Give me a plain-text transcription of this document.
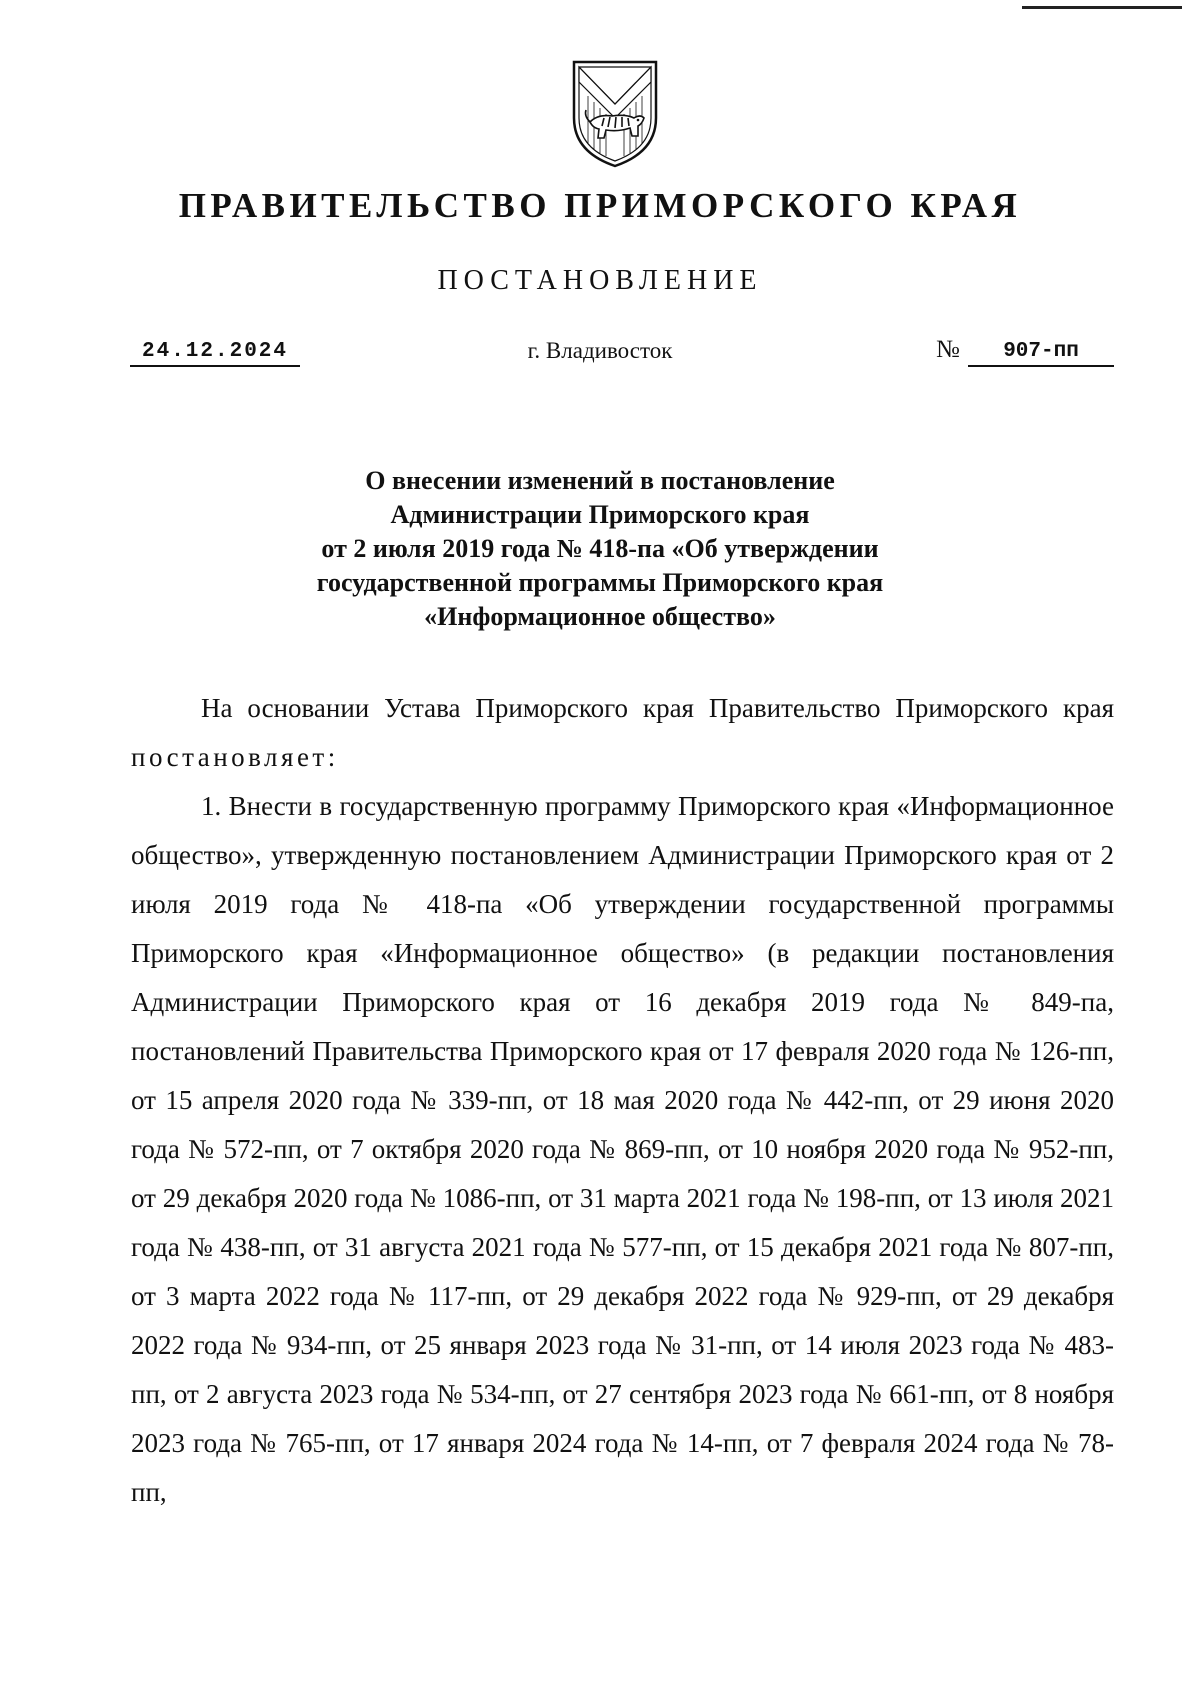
ПРАВИТЕЛЬСТВО ПРИМОРСКОГО КРАЯ
ПОСТАНОВЛЕНИЕ
24.12.2024	г. Владивосток	№	907-пп
О внесении изменений в постановление
Администрации Приморского края
от 2 июля 2019 года № 418-па «Об утверждении
государственной программы Приморского края
«Информационное общество»

На основании Устава Приморского края Правительство Приморского края

постановляет:

1. Внести в государственную программу Приморского края «Информационное общество», утвержденную постановлением Администрации Приморского края от 2 июля 2019 года № 418-па «Об утверждении государственной программы Приморского края «Информационное общество» (в редакции постановления Администрации Приморского края от 16 декабря 2019 года № 849-па, постановлений Правительства Приморского края от 17 февраля 2020 года № 126-пп, от 15 апреля 2020 года № 339-пп, от 18 мая 2020 года № 442-пп, от 29 июня 2020 года № 572-пп, от 7 октября 2020 года № 869-пп, от 10 ноября 2020 года № 952-пп, от 29 декабря 2020 года № 1086-пп, от 31 марта 2021 года № 198-пп, от 13 июля 2021 года № 438-пп, от 31 августа 2021 года № 577-пп, от 15 декабря 2021 года № 807-пп, от 3 марта 2022 года № 117-пп, от 29 декабря 2022 года № 929-пп, от 29 декабря 2022 года № 934-пп, от 25 января 2023 года № 31-пп, от 14 июля 2023 года № 483-пп, от 2 августа 2023 года № 534-пп, от 27 сентября 2023 года № 661-пп, от 8 ноября 2023 года № 765-пп, от 17 января 2024 года № 14-пп, от 7 февраля 2024 года № 78-пп,
